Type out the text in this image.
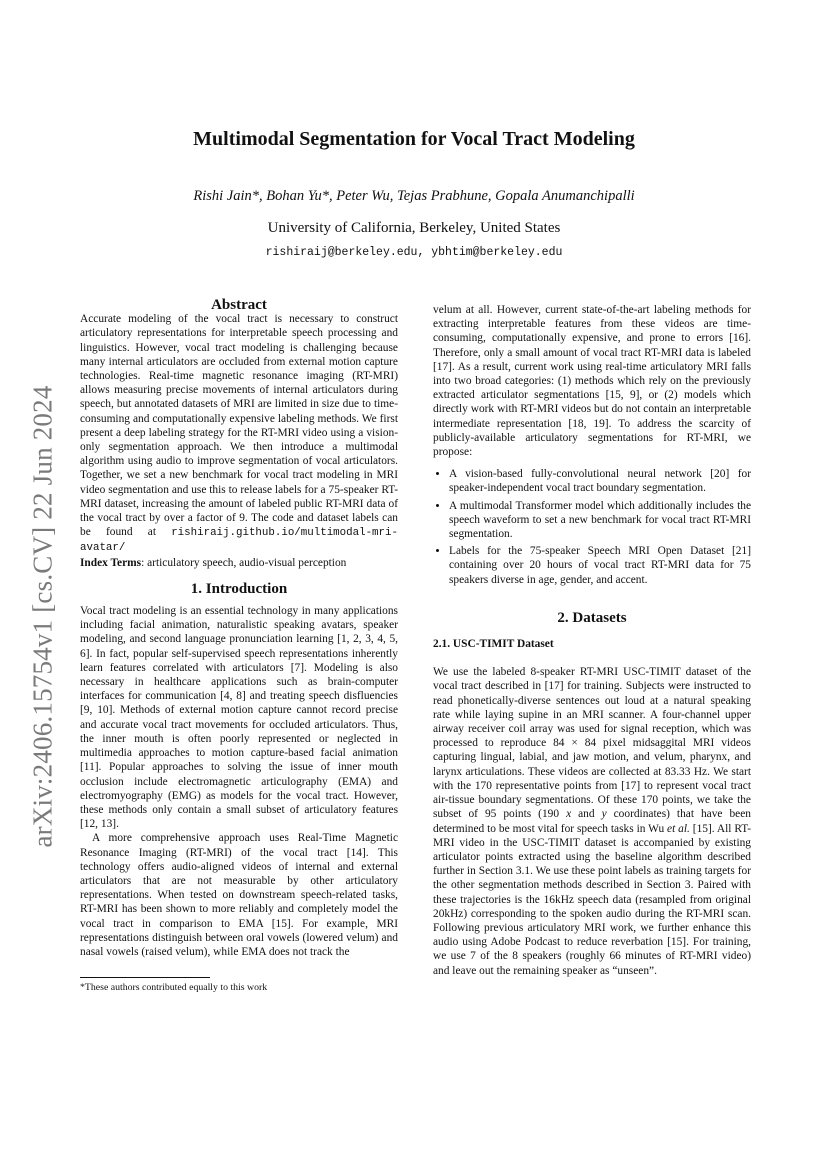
arXiv:2406.15754v1 [cs.CV] 22 Jun 2024
Multimodal Segmentation for Vocal Tract Modeling
Rishi Jain*, Bohan Yu*, Peter Wu, Tejas Prabhune, Gopala Anumanchipalli
University of California, Berkeley, United States
rishiraij@berkeley.edu, ybhtim@berkeley.edu
Abstract

Accurate modeling of the vocal tract is necessary to construct articulatory representations for interpretable speech processing and linguistics. However, vocal tract modeling is challenging because many internal articulators are occluded from external motion capture technologies. Real-time magnetic resonance imaging (RT-MRI) allows measuring precise movements of internal articulators during speech, but annotated datasets of MRI are limited in size due to time-consuming and computationally expensive labeling methods. We first present a deep labeling strategy for the RT-MRI video using a vision-only segmentation approach. We then introduce a multimodal algorithm using audio to improve segmentation of vocal articulators. Together, we set a new benchmark for vocal tract modeling in MRI video segmentation and use this to release labels for a 75-speaker RT-MRI dataset, increasing the amount of labeled public RT-MRI data of the vocal tract by over a factor of 9. The code and dataset labels can be found at rishiraij.github.io/multimodal-mri-avatar/

Index Terms: articulatory speech, audio-visual perception

1. Introduction

Vocal tract modeling is an essential technology in many applications including facial animation, naturalistic speaking avatars, speaker modeling, and second language pronunciation learning [1, 2, 3, 4, 5, 6]. In fact, popular self-supervised speech representations inherently learn features correlated with articulators [7]. Modeling is also necessary in healthcare applications such as brain-computer interfaces for communication [4, 8] and treating speech disfluencies [9, 10]. Methods of external motion capture cannot record precise and accurate vocal tract movements for occluded articulators. Thus, the inner mouth is often poorly represented or neglected in multimedia approaches to motion capture-based facial animation [11]. Popular approaches to solving the issue of inner mouth occlusion include electromagnetic articulography (EMA) and electromyography (EMG) as models for the vocal tract. However, these methods only contain a small subset of articulatory features [12, 13].

A more comprehensive approach uses Real-Time Magnetic Resonance Imaging (RT-MRI) of the vocal tract [14]. This technology offers audio-aligned videos of internal and external articulators that are not measurable by other articulatory representations. When tested on downstream speech-related tasks, RT-MRI has been shown to more reliably and completely model the vocal tract in comparison to EMA [15]. For example, MRI representations distinguish between oral vowels (lowered velum) and nasal vowels (raised velum), while EMA does not track the

*These authors contributed equally to this work

velum at all. However, current state-of-the-art labeling methods for extracting interpretable features from these videos are time-consuming, computationally expensive, and prone to errors [16]. Therefore, only a small amount of vocal tract RT-MRI data is labeled [17]. As a result, current work using real-time articulatory MRI falls into two broad categories: (1) methods which rely on the previously extracted articulator segmentations [15, 9], or (2) models which directly work with RT-MRI videos but do not contain an interpretable intermediate representation [18, 19]. To address the scarcity of publicly-available articulatory segmentations for RT-MRI, we propose:

• A vision-based fully-convolutional neural network [20] for speaker-independent vocal tract boundary segmentation.
• A multimodal Transformer model which additionally includes the speech waveform to set a new benchmark for vocal tract RT-MRI segmentation.
• Labels for the 75-speaker Speech MRI Open Dataset [21] containing over 20 hours of vocal tract RT-MRI data for 75 speakers diverse in age, gender, and accent.
2. Datasets

2.1. USC-TIMIT Dataset

We use the labeled 8-speaker RT-MRI USC-TIMIT dataset of the vocal tract described in [17] for training. Subjects were instructed to read phonetically-diverse sentences out loud at a natural speaking rate while laying supine in an MRI scanner. A four-channel upper airway receiver coil array was used for signal reception, which was processed to reproduce 84 × 84 pixel midsaggital MRI videos capturing lingual, labial, and jaw motion, and velum, pharynx, and larynx articulations. These videos are collected at 83.33 Hz. We start with the 170 representative points from [17] to represent vocal tract air-tissue boundary segmentations. Of these 170 points, we take the subset of 95 points (190 x and y coordinates) that have been determined to be most vital for speech tasks in Wu et al. [15]. All RT-MRI video in the USC-TIMIT dataset is accompanied by existing articulator points extracted using the baseline algorithm described further in Section 3.1. We use these point labels as training targets for the other segmentation methods described in Section 3. Paired with these trajectories is the 16kHz speech data (resampled from original 20kHz) corresponding to the spoken audio during the RT-MRI scan. Following previous articulatory MRI work, we further enhance this audio using Adobe Podcast to reduce reverbation [15]. For training, we use 7 of the 8 speakers (roughly 66 minutes of RT-MRI video) and leave out the remaining speaker as “unseen”.
